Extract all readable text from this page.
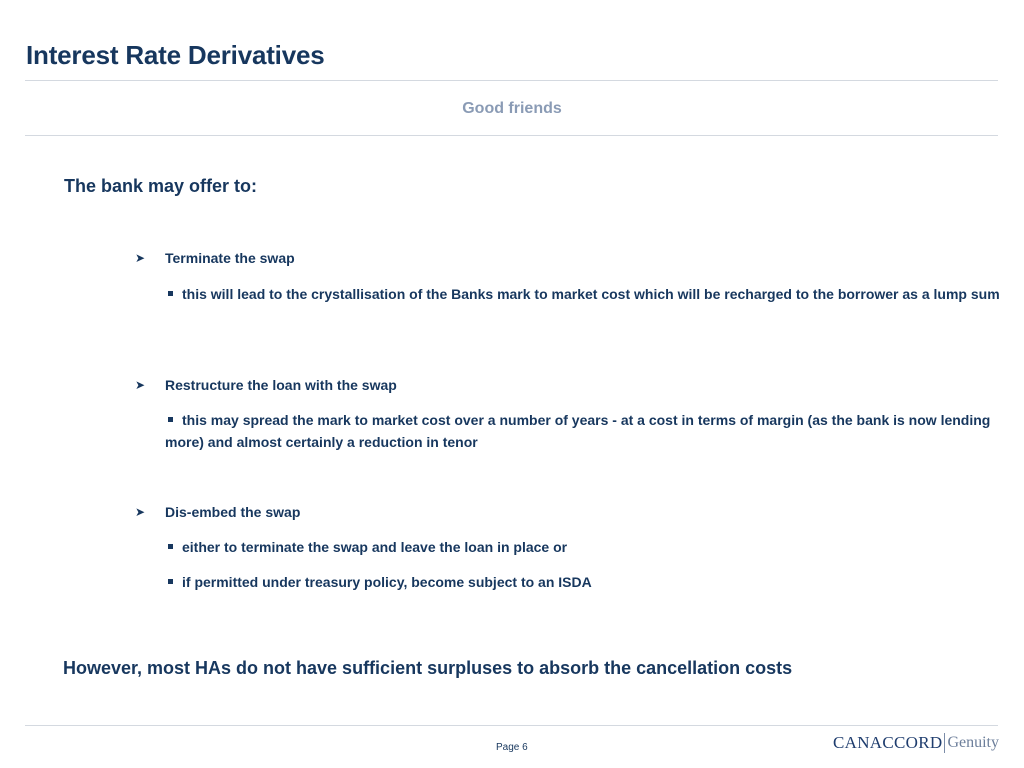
Interest Rate Derivatives
Good friends
The bank may offer to:
➤	Terminate the swap
this will lead to the crystallisation of the Banks mark to market cost which will be recharged to the borrower as a lump sum
➤	Restructure the loan with the swap
this may spread the mark to market cost over a number of years - at a cost in terms of margin (as the bank is now lending more) and almost certainly a reduction in tenor
➤	Dis-embed the swap
either to terminate the swap and leave the loan in place or
if permitted under treasury policy, become subject to an ISDA
However, most HAs do not have sufficient surpluses to absorb the cancellation costs
Page 6	CANACCORD Genuity
